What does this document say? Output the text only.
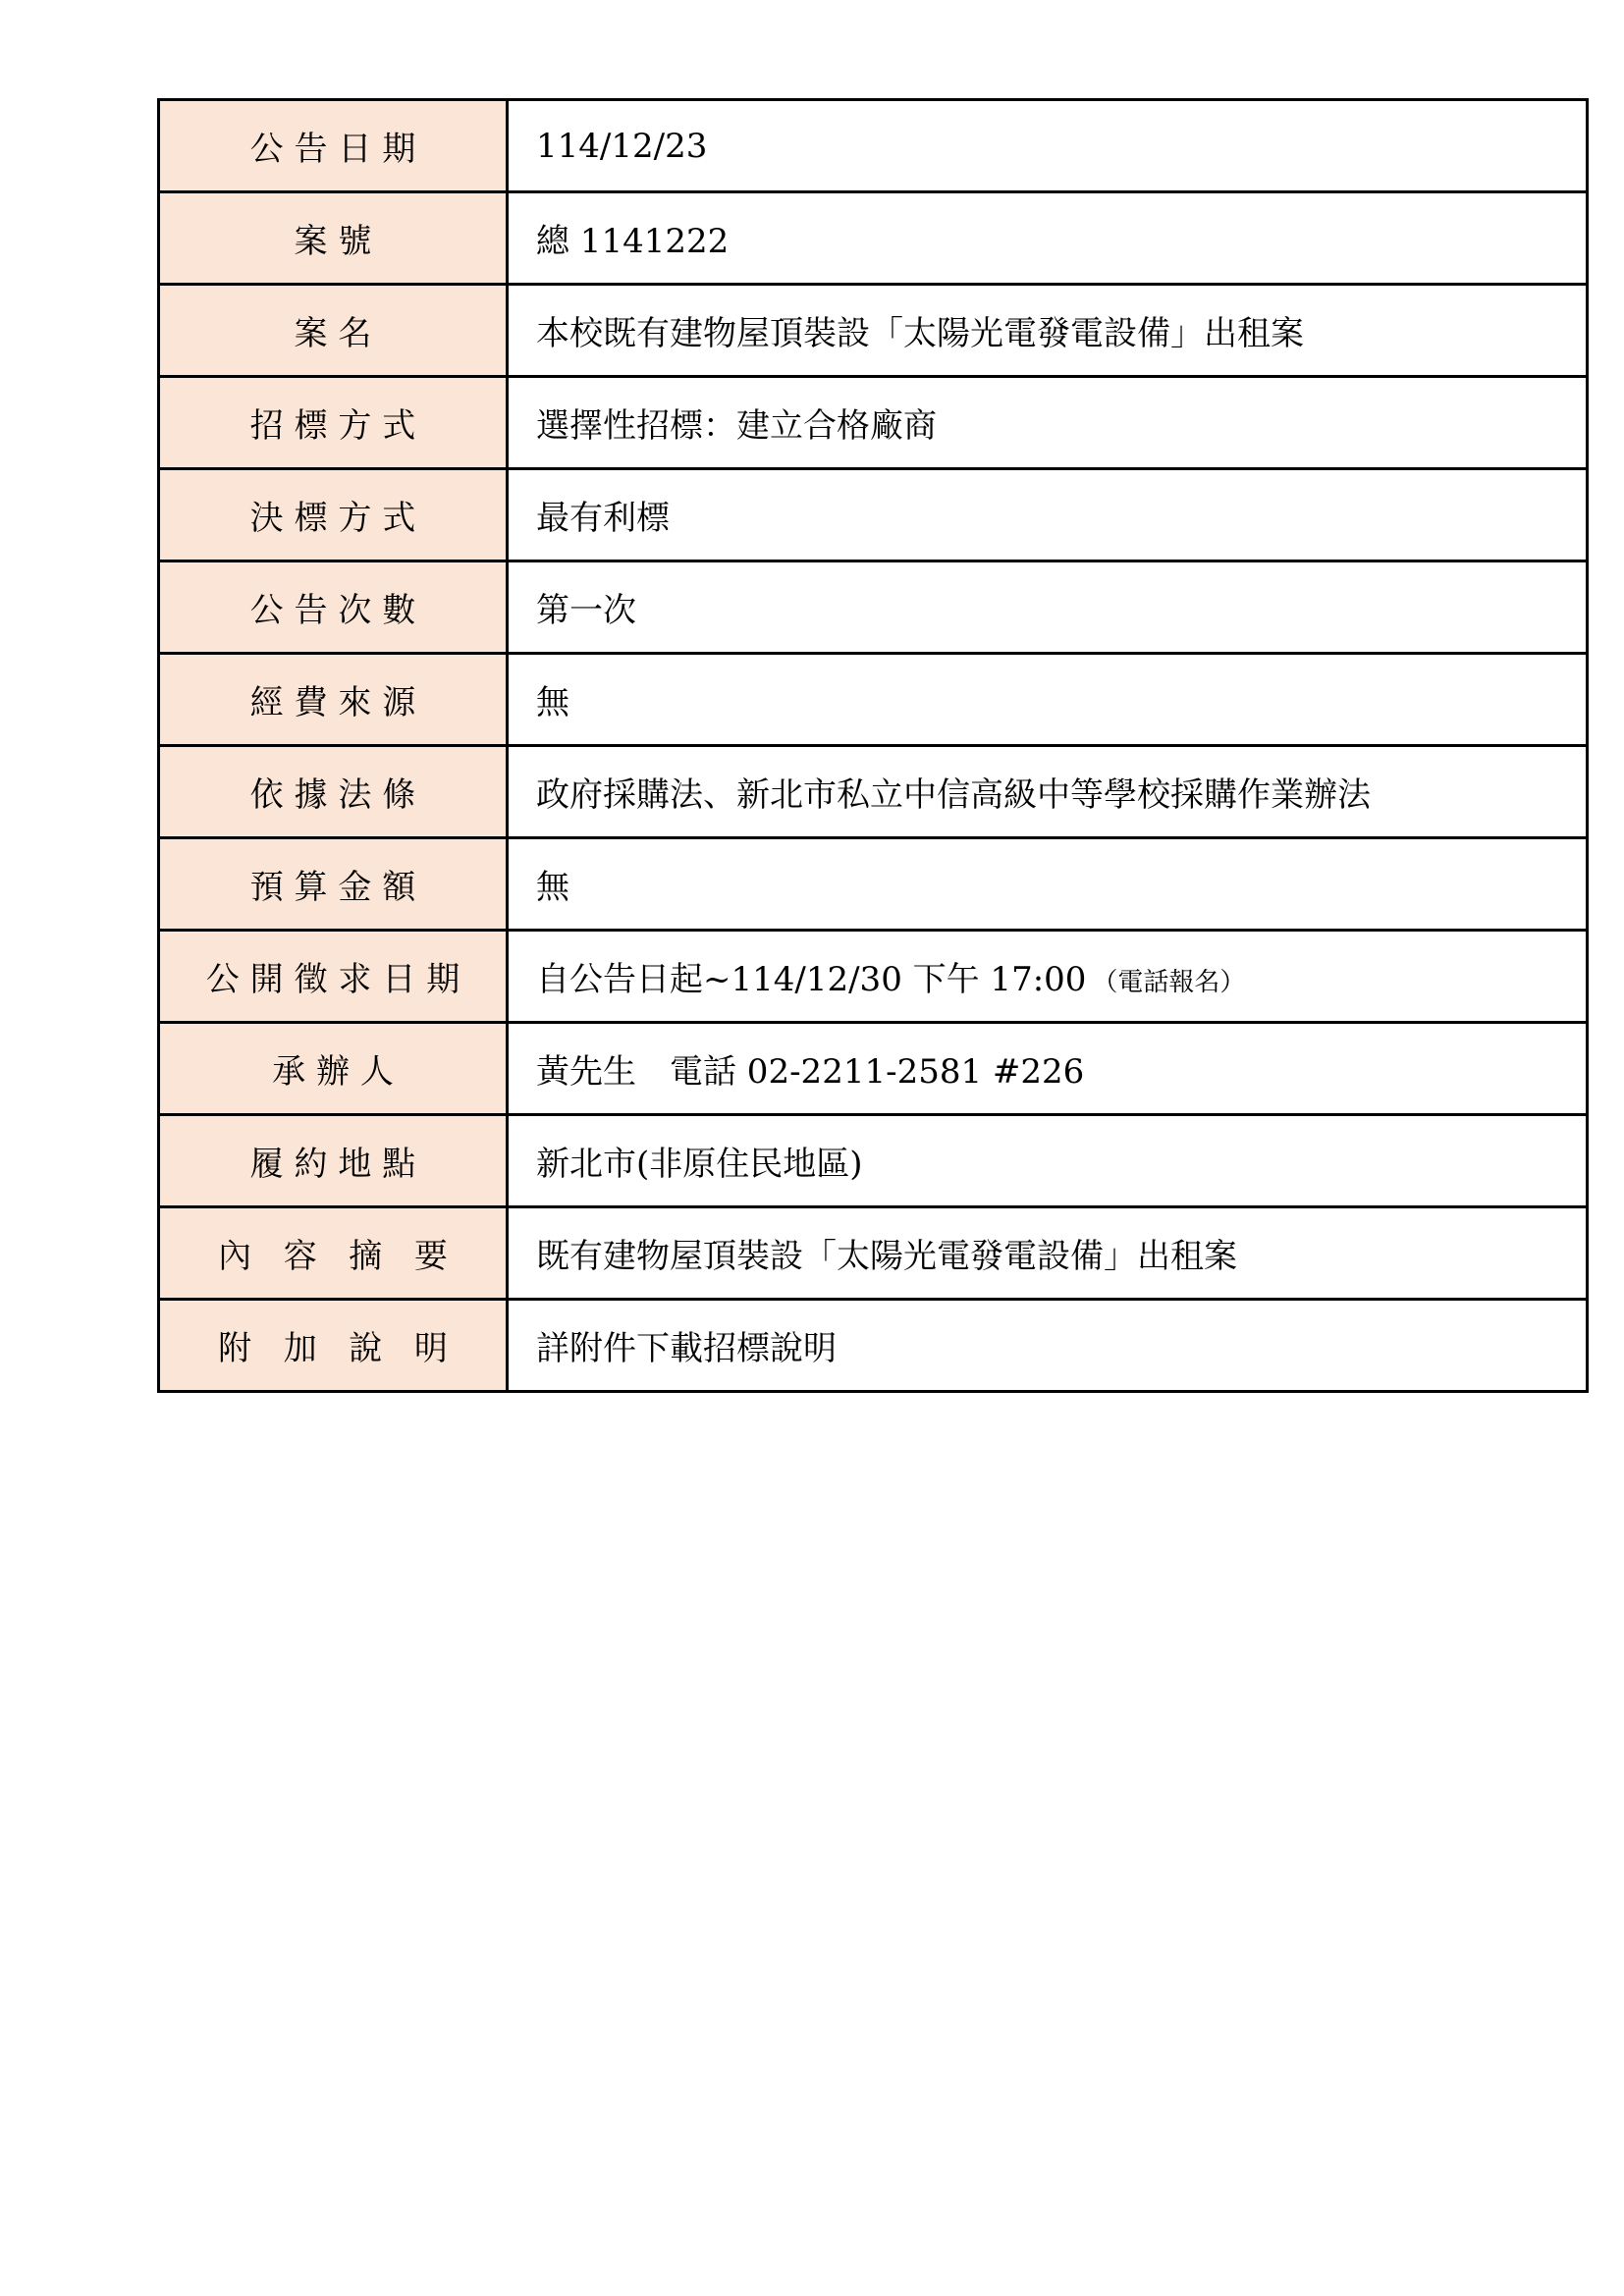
公告日期	114/12/23
案號	總 1141222
案名	本校既有建物屋頂裝設「太陽光電發電設備」出租案
招標方式	選擇性招標：建立合格廠商
決標方式	最有利標
公告次數	第一次
經費來源	無
依據法條	政府採購法、新北市私立中信高級中等學校採購作業辦法
預算金額	無
公開徵求日期	自公告日起~114/12/30 下午 17:00 （電話報名）
承辦人	黃先生　電話 02-2211-2581 #226
履約地點	新北市(非原住民地區)
內 容 摘 要	既有建物屋頂裝設「太陽光電發電設備」出租案
附 加 說 明	詳附件下載招標說明
